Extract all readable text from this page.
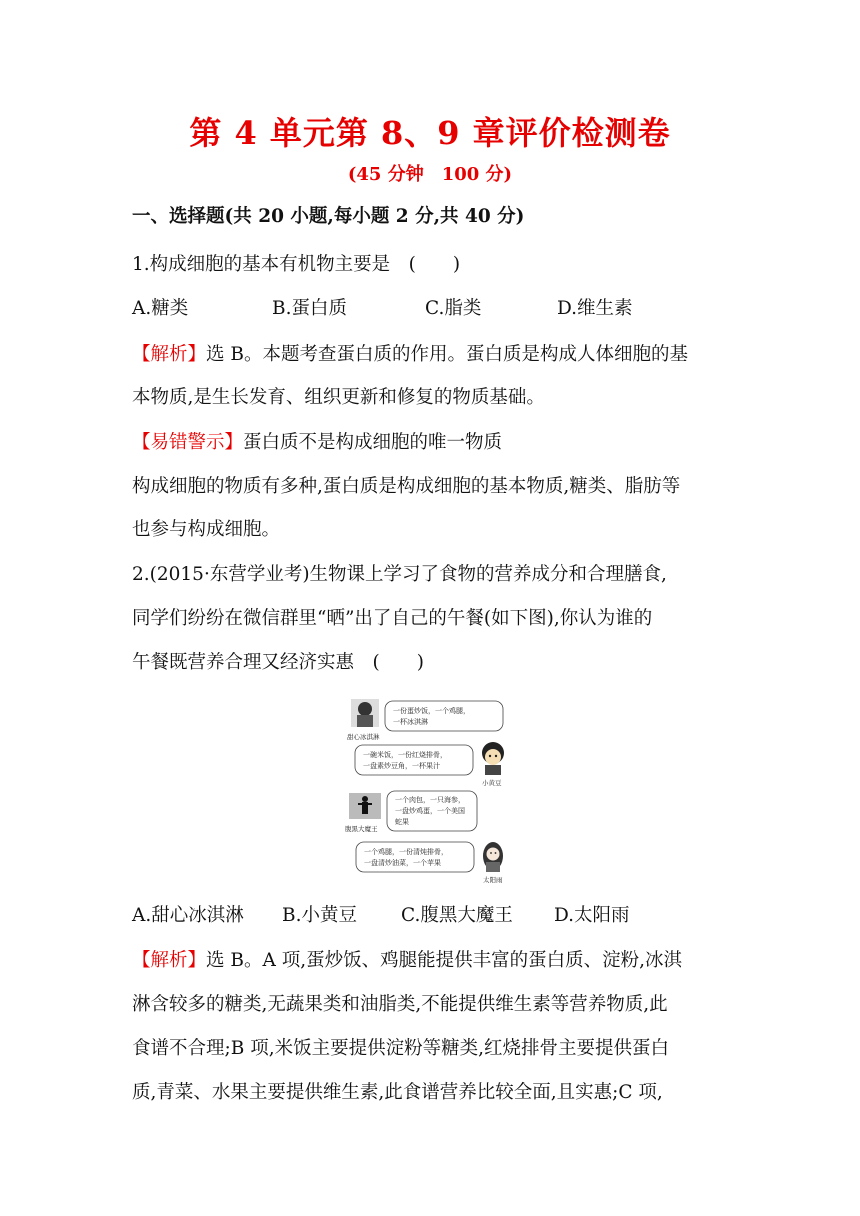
第 4 单元第 8、9 章评价检测卷
(45 分钟　100 分)
一、选择题(共 20 小题,每小题 2 分,共 40 分)
1.构成细胞的基本有机物主要是　(　　)
A.糖类	B.蛋白质	C.脂类	D.维生素
【解析】选 B。本题考查蛋白质的作用。蛋白质是构成人体细胞的基
本物质,是生长发育、组织更新和修复的物质基础。
【易错警示】蛋白质不是构成细胞的唯一物质
构成细胞的物质有多种,蛋白质是构成细胞的基本物质,糖类、脂肪等
也参与构成细胞。
2.(2015·东营学业考)生物课上学习了食物的营养成分和合理膳食,
同学们纷纷在微信群里“晒”出了自己的午餐(如下图),你认为谁的
午餐既营养合理又经济实惠　(　　)
甜心冰淇淋
一份蛋炒饭，一个鸡腿，
一杯冰淇淋
一碗米饭，一份红烧排骨，
一盘素炒豆角，一杯果汁
小黄豆
腹黑大魔王
一个肉包，一只海参，
一盘炒鸡蛋，一个美国
蛇果
一个鸡腿，一份清炖排骨，
一盘清炒油菜，一个苹果
太阳雨
A.甜心冰淇淋 B.小黄豆 C.腹黑大魔王 D.太阳雨
【解析】选 B。A 项,蛋炒饭、鸡腿能提供丰富的蛋白质、淀粉,冰淇
淋含较多的糖类,无蔬果类和油脂类,不能提供维生素等营养物质,此
食谱不合理;B 项,米饭主要提供淀粉等糖类,红烧排骨主要提供蛋白
质,青菜、水果主要提供维生素,此食谱营养比较全面,且实惠;C 项,
